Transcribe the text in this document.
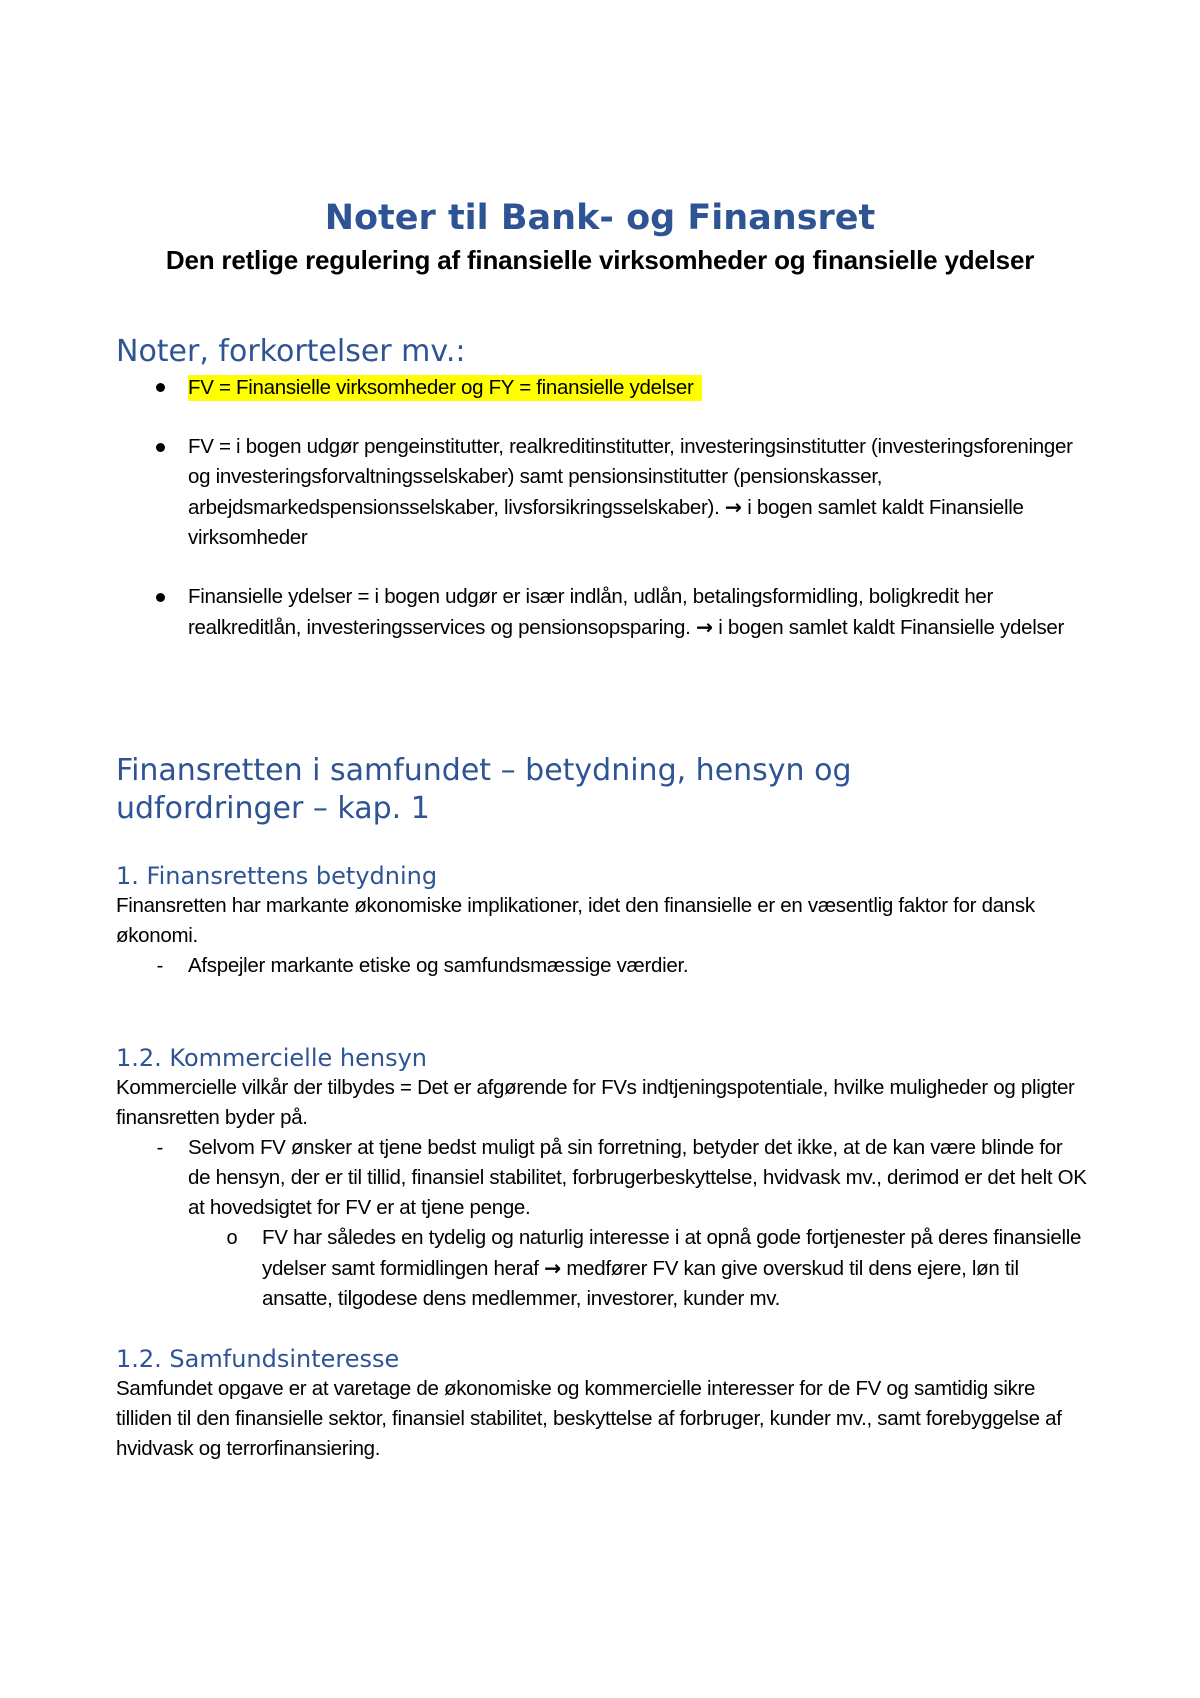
Noter til Bank- og Finansret
Den retlige regulering af finansielle virksomheder og finansielle ydelser
Noter, forkortelser mv.:

FV = Finansielle virksomheder og FY = finansielle ydelser

FV = i bogen udgør pengeinstitutter, realkreditinstitutter, investeringsinstitutter (investeringsforeninger og investeringsforvaltningsselskaber) samt pensionsinstitutter (pensionskasser, arbejdsmarkedspensionsselskaber, livsforsikringsselskaber). → i bogen samlet kaldt Finansielle virksomheder

Finansielle ydelser = i bogen udgør er især indlån, udlån, betalingsformidling, boligkredit her realkreditlån, investeringsservices og pensionsopsparing. → i bogen samlet kaldt Finansielle ydelser

Finansretten i samfundet – betydning, hensyn og
udfordringer – kap. 1
1. Finansrettens betydning

Finansretten har markante økonomiske implikationer, idet den finansielle er en væsentlig faktor for dansk økonomi.

-	Afspejler markante etiske og samfundsmæssige værdier.

1.2. Kommercielle hensyn

Kommercielle vilkår der tilbydes = Det er afgørende for FVs indtjeningspotentiale, hvilke muligheder og pligter finansretten byder på.

-	Selvom FV ønsker at tjene bedst muligt på sin forretning, betyder det ikke, at de kan være blinde for de hensyn, der er til tillid, finansiel stabilitet, forbrugerbeskyttelse, hvidvask mv., derimod er det helt OK at hovedsigtet for FV er at tjene penge.

o FV har således en tydelig og naturlig interesse i at opnå gode fortjenester på deres finansielle ydelser samt formidlingen heraf → medfører FV kan give overskud til dens ejere, løn til ansatte, tilgodese dens medlemmer, investorer, kunder mv.

1.2. Samfundsinteresse

Samfundet opgave er at varetage de økonomiske og kommercielle interesser for de FV og samtidig sikre tilliden til den finansielle sektor, finansiel stabilitet, beskyttelse af forbruger, kunder mv., samt forebyggelse af hvidvask og terrorfinansiering.
